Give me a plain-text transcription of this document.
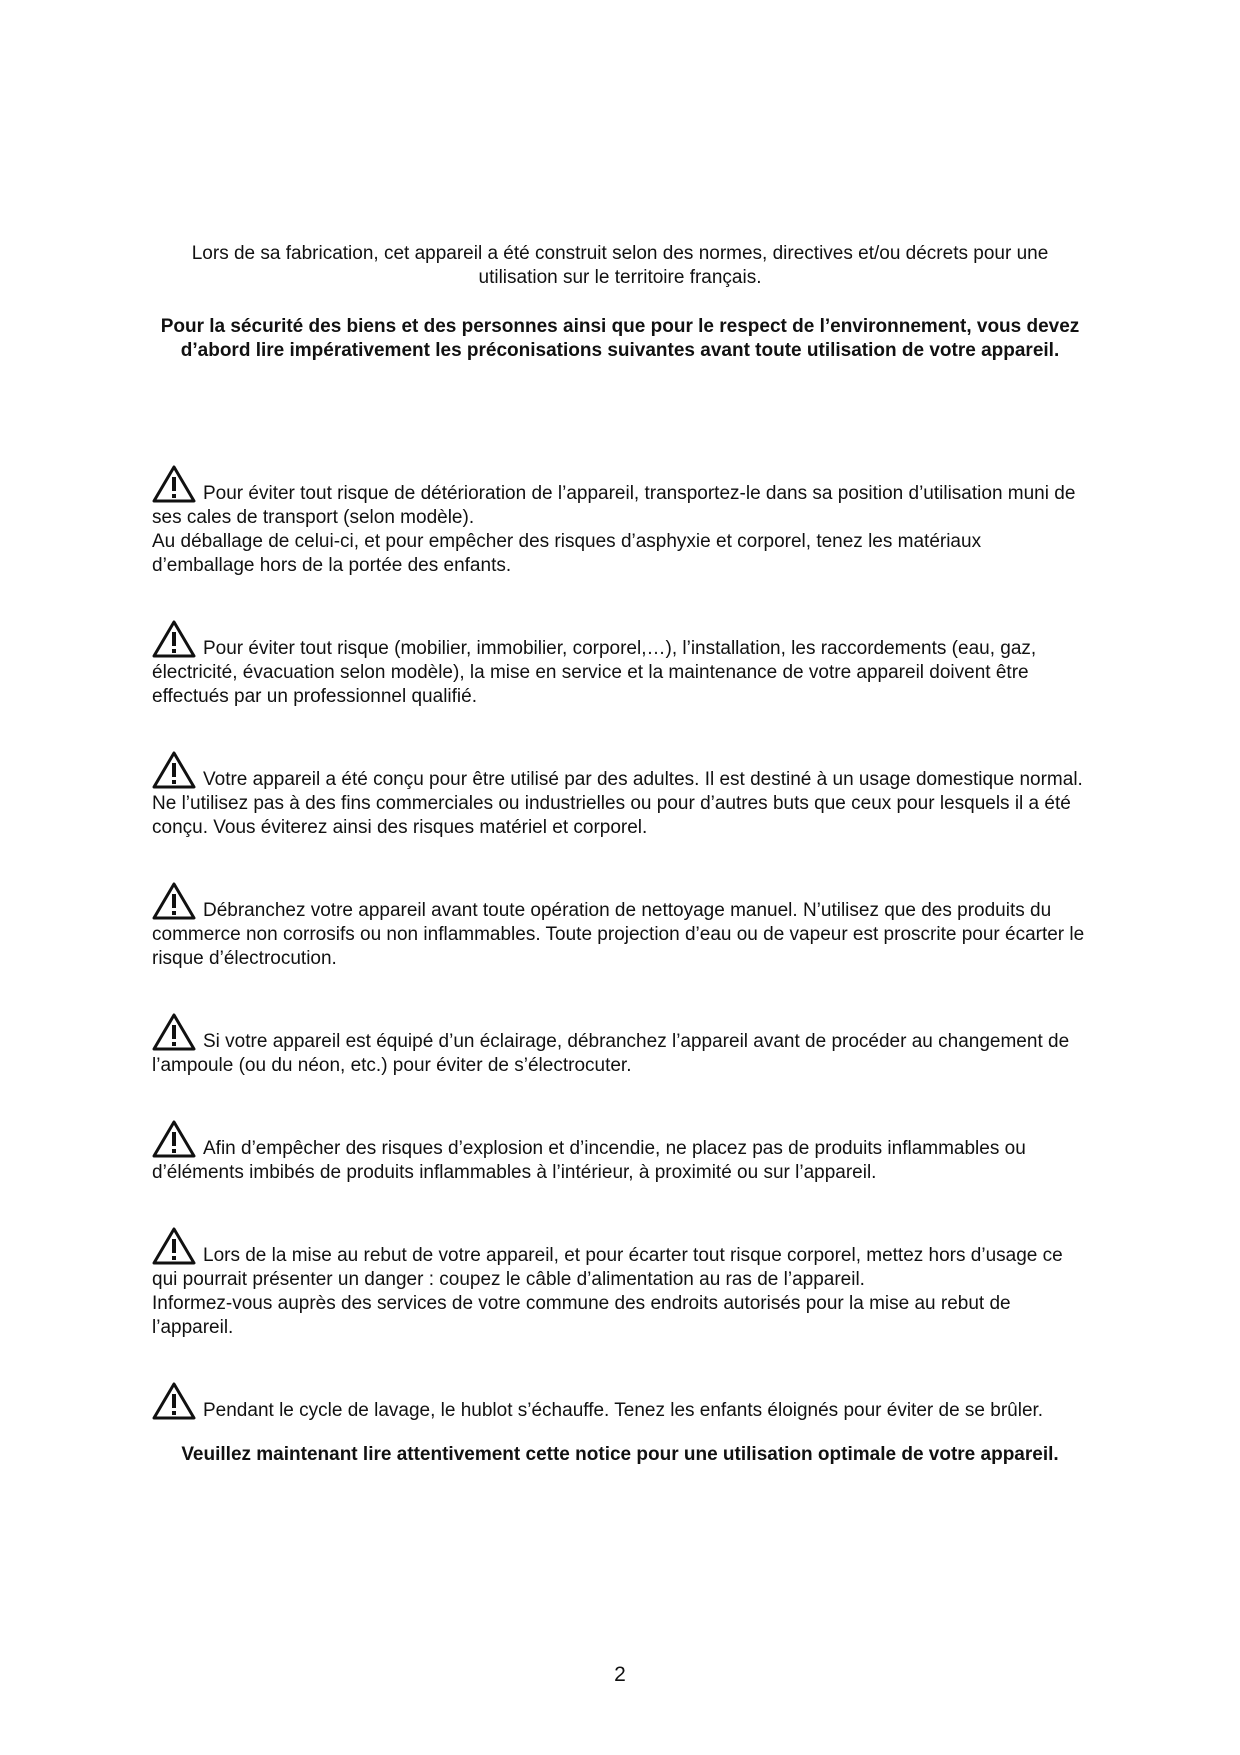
Lors de sa fabrication, cet appareil a été construit selon des normes, directives et/ou décrets pour une utilisation sur le territoire français.
Pour la sécurité des biens et des personnes ainsi que pour le respect de l’environnement, vous devez d’abord lire impérativement les préconisations suivantes avant toute utilisation de votre appareil.

Pour éviter tout risque de détérioration de l’appareil, transportez-le dans sa position d’utilisation muni de ses cales de transport (selon modèle).

Au déballage de celui-ci, et pour empêcher des risques d’asphyxie et corporel, tenez les matériaux d’emballage hors de la portée des enfants.

Pour éviter tout risque (mobilier, immobilier, corporel,…), l’installation, les raccordements (eau, gaz, électricité, évacuation selon modèle), la mise en service et la maintenance de votre appareil doivent être effectués par un professionnel qualifié.

Votre appareil a été conçu pour être utilisé par des adultes. Il est destiné à un usage domestique normal. Ne l’utilisez pas à des fins commerciales ou industrielles ou pour d’autres buts que ceux pour lesquels il a été conçu. Vous éviterez ainsi des risques matériel et corporel.

Débranchez votre appareil avant toute opération de nettoyage manuel. N’utilisez que des produits du commerce non corrosifs ou non inflammables. Toute projection d’eau ou de vapeur est proscrite pour écarter le risque d’électrocution.

Si votre appareil est équipé d’un éclairage, débranchez l’appareil avant de procéder au changement de l’ampoule (ou du néon, etc.) pour éviter de s’électrocuter.

Afin d’empêcher des risques d’explosion et d’incendie, ne placez pas de produits inflammables ou d’éléments imbibés de produits inflammables à l’intérieur, à proximité ou sur l’appareil.

Lors de la mise au rebut de votre appareil, et pour écarter tout risque corporel, mettez hors d’usage ce qui pourrait présenter un danger : coupez le câble d’alimentation au ras de l’appareil.

Informez-vous auprès des services de votre commune des endroits autorisés pour la mise au rebut de l’appareil.

Pendant le cycle de lavage, le hublot s’échauffe. Tenez les enfants éloignés pour éviter de se brûler.

Veuillez maintenant lire attentivement cette notice pour une utilisation optimale de votre appareil.
2
